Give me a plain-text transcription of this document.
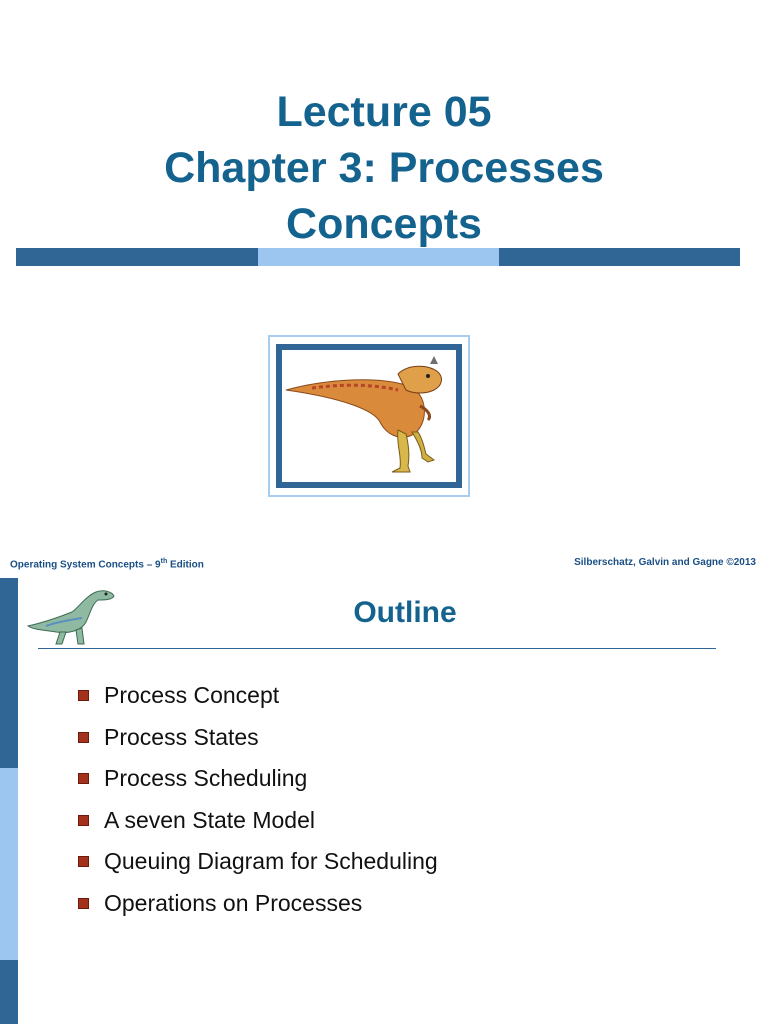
Lecture 05
Chapter 3: Processes
Concepts
Operating System Concepts – 9th Edition	Silberschatz, Galvin and Gagne ©2013
Outline
Process Concept
Process States
Process Scheduling
A seven State Model
Queuing Diagram for Scheduling
Operations on Processes
